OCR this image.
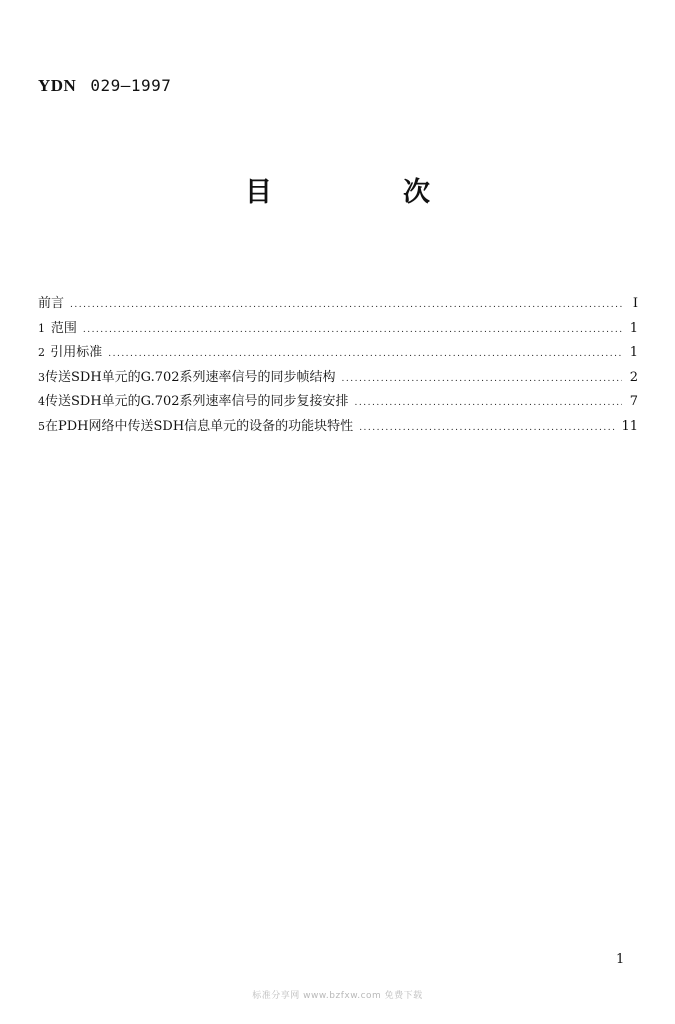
YDN 029—1997
目　次
前言 .....	I
1 范围 .....	1
2 引用标准 .....	1
3 传送SDH单元的G.702系列速率信号的同步帧结构 .....	2
4 传送SDH单元的G.702系列速率信号的同步复接安排 .....	7
5 在PDH网络中传送SDH信息单元的设备的功能块特性 .....	11
1
标准分享网 www.bzfxw.com 免费下载
